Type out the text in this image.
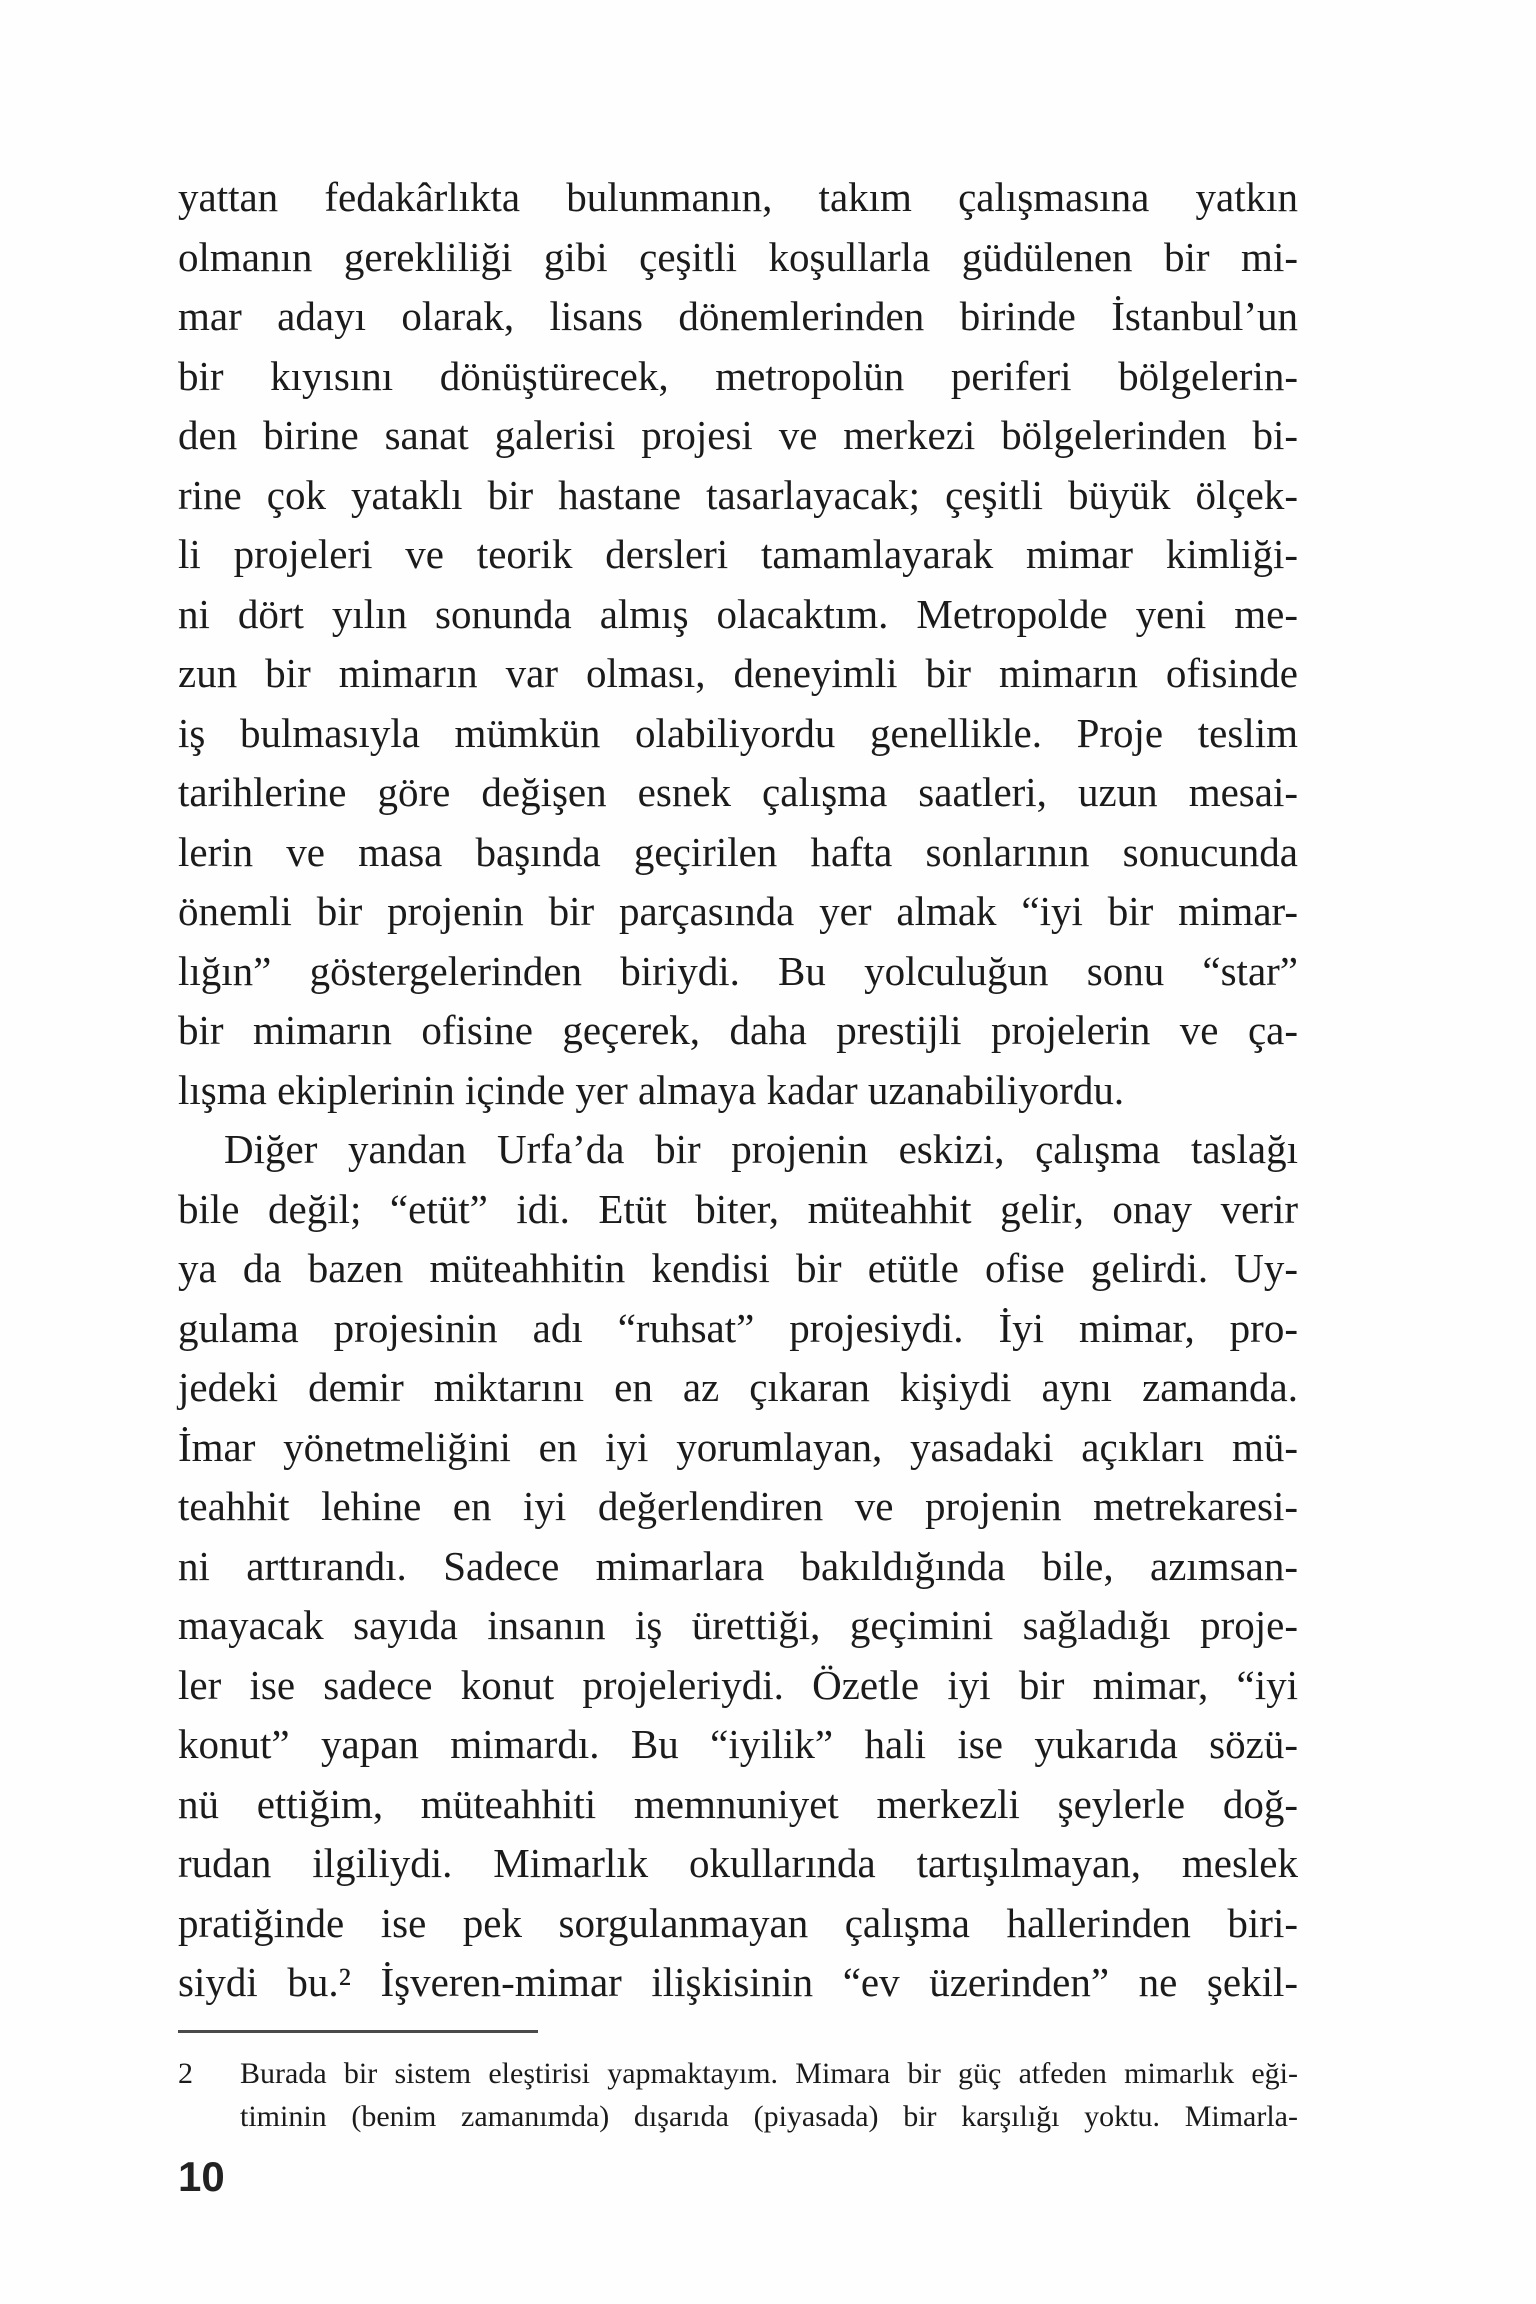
yattan fedakârlıkta bulunmanın, takım çalışmasına yatkın
olmanın gerekliliği gibi çeşitli koşullarla güdülenen bir mi-
mar adayı olarak, lisans dönemlerinden birinde İstanbul’un
bir kıyısını dönüştürecek, metropolün periferi bölgelerin-
den birine sanat galerisi projesi ve merkezi bölgelerinden bi-
rine çok yataklı bir hastane tasarlayacak; çeşitli büyük ölçek-
li projeleri ve teorik dersleri tamamlayarak mimar kimliği-
ni dört yılın sonunda almış olacaktım. Metropolde yeni me-
zun bir mimarın var olması, deneyimli bir mimarın ofisinde
iş bulmasıyla mümkün olabiliyordu genellikle. Proje teslim
tarihlerine göre değişen esnek çalışma saatleri, uzun mesai-
lerin ve masa başında geçirilen hafta sonlarının sonucunda
önemli bir projenin bir parçasında yer almak “iyi bir mimar-
lığın” göstergelerinden biriydi. Bu yolculuğun sonu “star”
bir mimarın ofisine geçerek, daha prestijli projelerin ve ça-
lışma ekiplerinin içinde yer almaya kadar uzanabiliyordu.
Diğer yandan Urfa’da bir projenin eskizi, çalışma taslağı
bile değil; “etüt” idi. Etüt biter, müteahhit gelir, onay verir
ya da bazen müteahhitin kendisi bir etütle ofise gelirdi. Uy-
gulama projesinin adı “ruhsat” projesiydi. İyi mimar, pro-
jedeki demir miktarını en az çıkaran kişiydi aynı zamanda.
İmar yönetmeliğini en iyi yorumlayan, yasadaki açıkları mü-
teahhit lehine en iyi değerlendiren ve projenin metrekaresi-
ni arttırandı. Sadece mimarlara bakıldığında bile, azımsan-
mayacak sayıda insanın iş ürettiği, geçimini sağladığı proje-
ler ise sadece konut projeleriydi. Özetle iyi bir mimar, “iyi
konut” yapan mimardı. Bu “iyilik” hali ise yukarıda sözü-
nü ettiğim, müteahhiti memnuniyet merkezli şeylerle doğ-
rudan ilgiliydi. Mimarlık okullarında tartışılmayan, meslek
pratiğinde ise pek sorgulanmayan çalışma hallerinden biri-
siydi bu.² İşveren-mimar ilişkisinin “ev üzerinden” ne şekil-
2	Burada bir sistem eleştirisi yapmaktayım. Mimara bir güç atfeden mimarlık eği-
timinin (benim zamanımda) dışarıda (piyasada) bir karşılığı yoktu. Mimarla-
10
